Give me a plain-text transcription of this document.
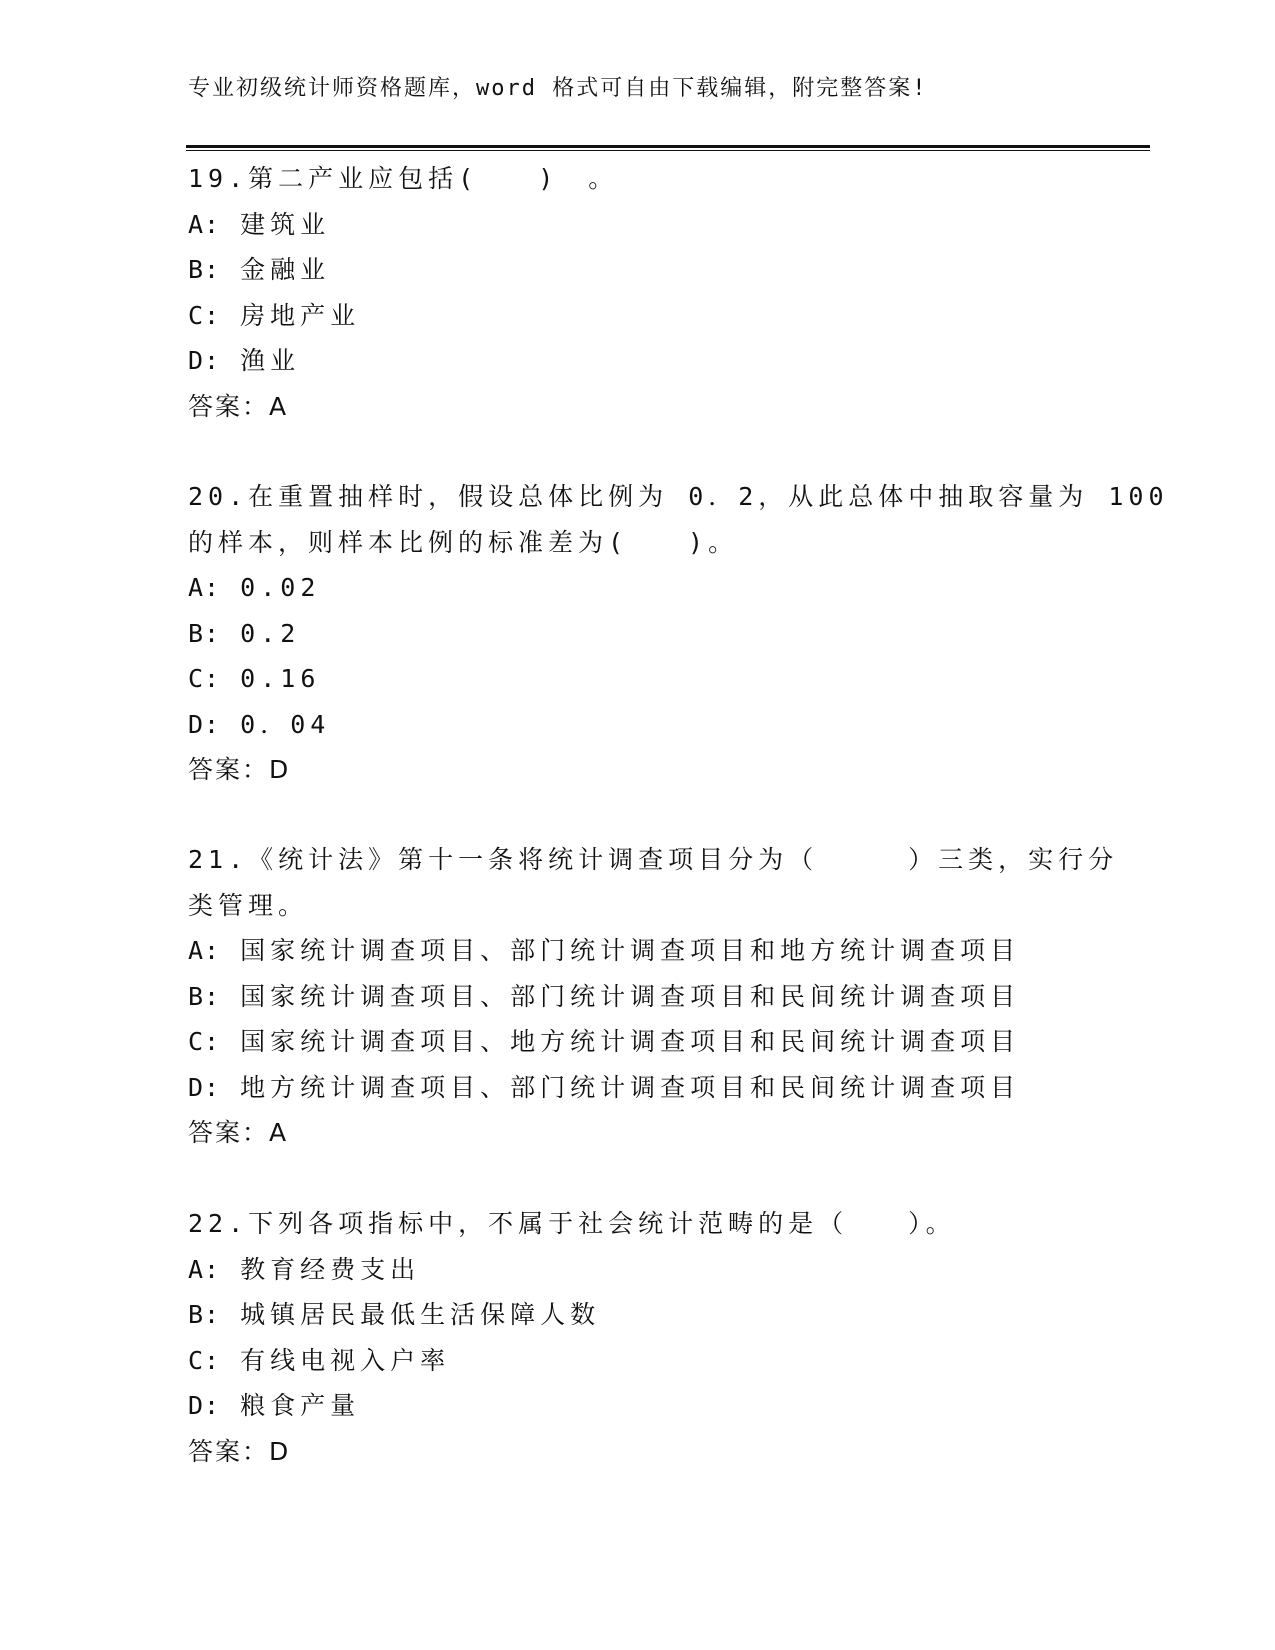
专业初级统计师资格题库，word 格式可自由下载编辑，附完整答案!
19.第二产业应包括(　　)　。
A: 建筑业
B: 金融业
C: 房地产业
D: 渔业
答案：A
20.在重置抽样时，假设总体比例为 0．2，从此总体中抽取容量为 100
的样本，则样本比例的标准差为(　　)。
A: 0.02
B: 0.2
C: 0.16
D: 0．04
答案：D
21.《统计法》第十一条将统计调查项目分为（　　　）三类，实行分
类管理。
A: 国家统计调查项目、部门统计调查项目和地方统计调查项目
B: 国家统计调查项目、部门统计调查项目和民间统计调查项目
C: 国家统计调查项目、地方统计调查项目和民间统计调查项目
D: 地方统计调查项目、部门统计调查项目和民间统计调查项目
答案：A
22.下列各项指标中，不属于社会统计范畴的是（　　）。
A: 教育经费支出
B: 城镇居民最低生活保障人数
C: 有线电视入户率
D: 粮食产量
答案：D
